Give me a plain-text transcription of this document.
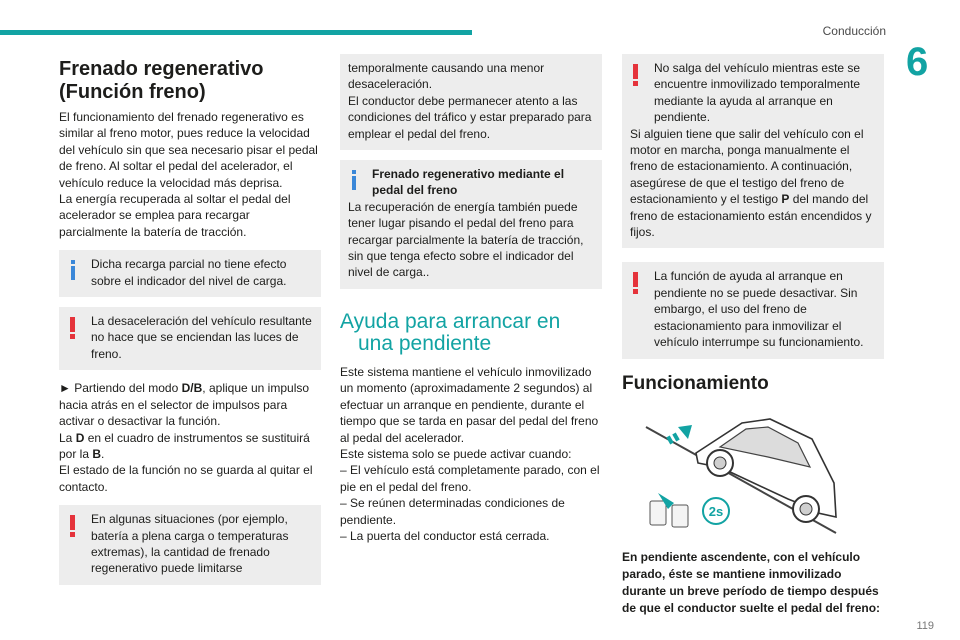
Conducción
6
119
Frenado regenerativo
(Función freno)

El funcionamiento del frenado regenerativo es similar al freno motor, pues reduce la velocidad del vehículo sin que sea necesario pisar el pedal de freno. Al soltar el pedal del acelerador, el vehículo reduce la velocidad más deprisa.

La energía recuperada al soltar el pedal del acelerador se emplea para recargar parcialmente la batería de tracción.

Dicha recarga parcial no tiene efecto sobre el indicador del nivel de carga.
La desaceleración del vehículo resultante no hace que se enciendan las luces de freno.

► Partiendo del modo D/B, aplique un impulso hacia atrás en el selector de impulsos para activar o desactivar la función.

La D en el cuadro de instrumentos se sustituirá por la B.

El estado de la función no se guarda al quitar el contacto.

En algunas situaciones (por ejemplo, batería a plena carga o temperaturas extremas), la cantidad de frenado regenerativo puede limitarse

temporalmente causando una menor desaceleración.

El conductor debe permanecer atento a las condiciones del tráfico y estar preparado para emplear el pedal del freno.

Frenado regenerativo mediante el pedal del freno

La recuperación de energía también puede tener lugar pisando el pedal del freno para recargar parcialmente la batería de tracción, sin que tenga efecto sobre el indicador del nivel de carga..

Ayuda para arrancar en
una pendiente

Este sistema mantiene el vehículo inmovilizado un momento (aproximadamente 2 segundos) al efectuar un arranque en pendiente, durante el tiempo que se tarda en pasar del pedal del freno al pedal del acelerador.

Este sistema solo se puede activar cuando:

– El vehículo está completamente parado, con el pie en el pedal del freno.

– Se reúnen determinadas condiciones de pendiente.

– La puerta del conductor está cerrada.

No salga del vehículo mientras este se encuentre inmovilizado temporalmente mediante la ayuda al arranque en pendiente.

Si alguien tiene que salir del vehículo con el motor en marcha, ponga manualmente el freno de estacionamiento. A continuación, asegúrese de que el testigo del freno de estacionamiento y el testigo P del mando del freno de estacionamiento están encendidos y fijos.

La función de ayuda al arranque en pendiente no se puede desactivar. Sin embargo, el uso del freno de estacionamiento para inmovilizar el vehículo interrumpe su funcionamiento.
Funcionamiento
2s

En pendiente ascendente, con el vehículo parado, éste se mantiene inmovilizado durante un breve período de tiempo después de que el conductor suelte el pedal del freno:
